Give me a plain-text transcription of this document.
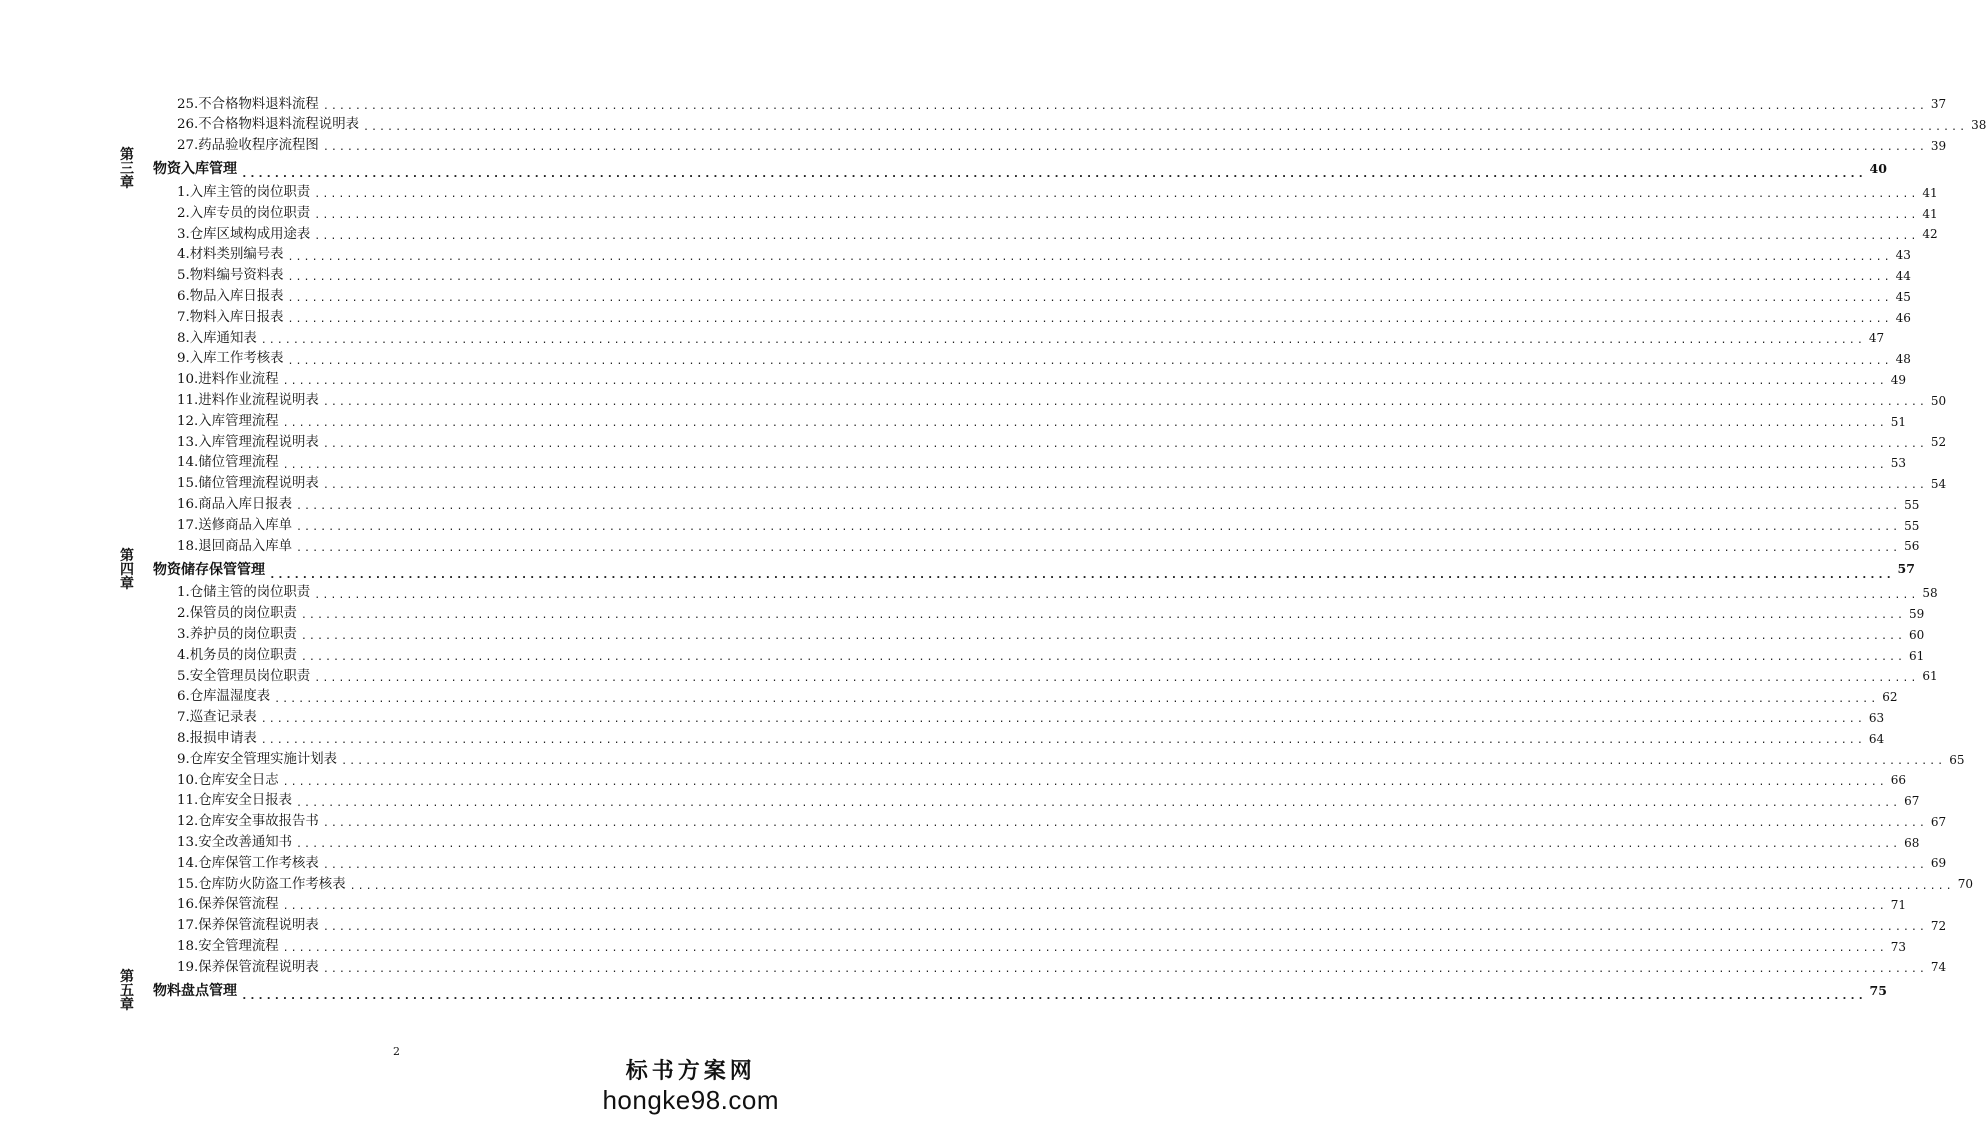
25.不合格物料退料流程 ........................................................................................................................................................................................................ 37
26.不合格物料退料流程说明表 ........................................................................................................................................................................................................ 38
27.药品验收程序流程图 ........................................................................................................................................................................................................ 39
第三章
物资入库管理 ........................................................................................................................................................................................................ 40
1.入库主管的岗位职责 ........................................................................................................................................................................................................ 41
2.入库专员的岗位职责 ........................................................................................................................................................................................................ 41
3.仓库区域构成用途表 ........................................................................................................................................................................................................ 42
4.材料类别编号表 ........................................................................................................................................................................................................ 43
5.物料编号资料表 ........................................................................................................................................................................................................ 44
6.物品入库日报表 ........................................................................................................................................................................................................ 45
7.物料入库日报表 ........................................................................................................................................................................................................ 46
8.入库通知表 ........................................................................................................................................................................................................ 47
9.入库工作考核表 ........................................................................................................................................................................................................ 48
10.进料作业流程 ........................................................................................................................................................................................................ 49
11.进料作业流程说明表 ........................................................................................................................................................................................................ 50
12.入库管理流程 ........................................................................................................................................................................................................ 51
13.入库管理流程说明表 ........................................................................................................................................................................................................ 52
14.储位管理流程 ........................................................................................................................................................................................................ 53
15.储位管理流程说明表 ........................................................................................................................................................................................................ 54
16.商品入库日报表 ........................................................................................................................................................................................................ 55
17.送修商品入库单 ........................................................................................................................................................................................................ 55
18.退回商品入库单 ........................................................................................................................................................................................................ 56
第四章
物资储存保管管理 ........................................................................................................................................................................................................ 57
1.仓储主管的岗位职责 ........................................................................................................................................................................................................ 58
2.保管员的岗位职责 ........................................................................................................................................................................................................ 59
3.养护员的岗位职责 ........................................................................................................................................................................................................ 60
4.机务员的岗位职责 ........................................................................................................................................................................................................ 61
5.安全管理员岗位职责 ........................................................................................................................................................................................................ 61
6.仓库温湿度表 ........................................................................................................................................................................................................ 62
7.巡查记录表 ........................................................................................................................................................................................................ 63
8.报损申请表 ........................................................................................................................................................................................................ 64
9.仓库安全管理实施计划表 ........................................................................................................................................................................................................ 65
10.仓库安全日志 ........................................................................................................................................................................................................ 66
11.仓库安全日报表 ........................................................................................................................................................................................................ 67
12.仓库安全事故报告书 ........................................................................................................................................................................................................ 67
13.安全改善通知书 ........................................................................................................................................................................................................ 68
14.仓库保管工作考核表 ........................................................................................................................................................................................................ 69
15.仓库防火防盗工作考核表 ........................................................................................................................................................................................................ 70
16.保养保管流程 ........................................................................................................................................................................................................ 71
17.保养保管流程说明表 ........................................................................................................................................................................................................ 72
18.安全管理流程 ........................................................................................................................................................................................................ 73
19.保养保管流程说明表 ........................................................................................................................................................................................................ 74
第五章
物料盘点管理 ........................................................................................................................................................................................................ 75
2
标书方案网
hongke98.com
